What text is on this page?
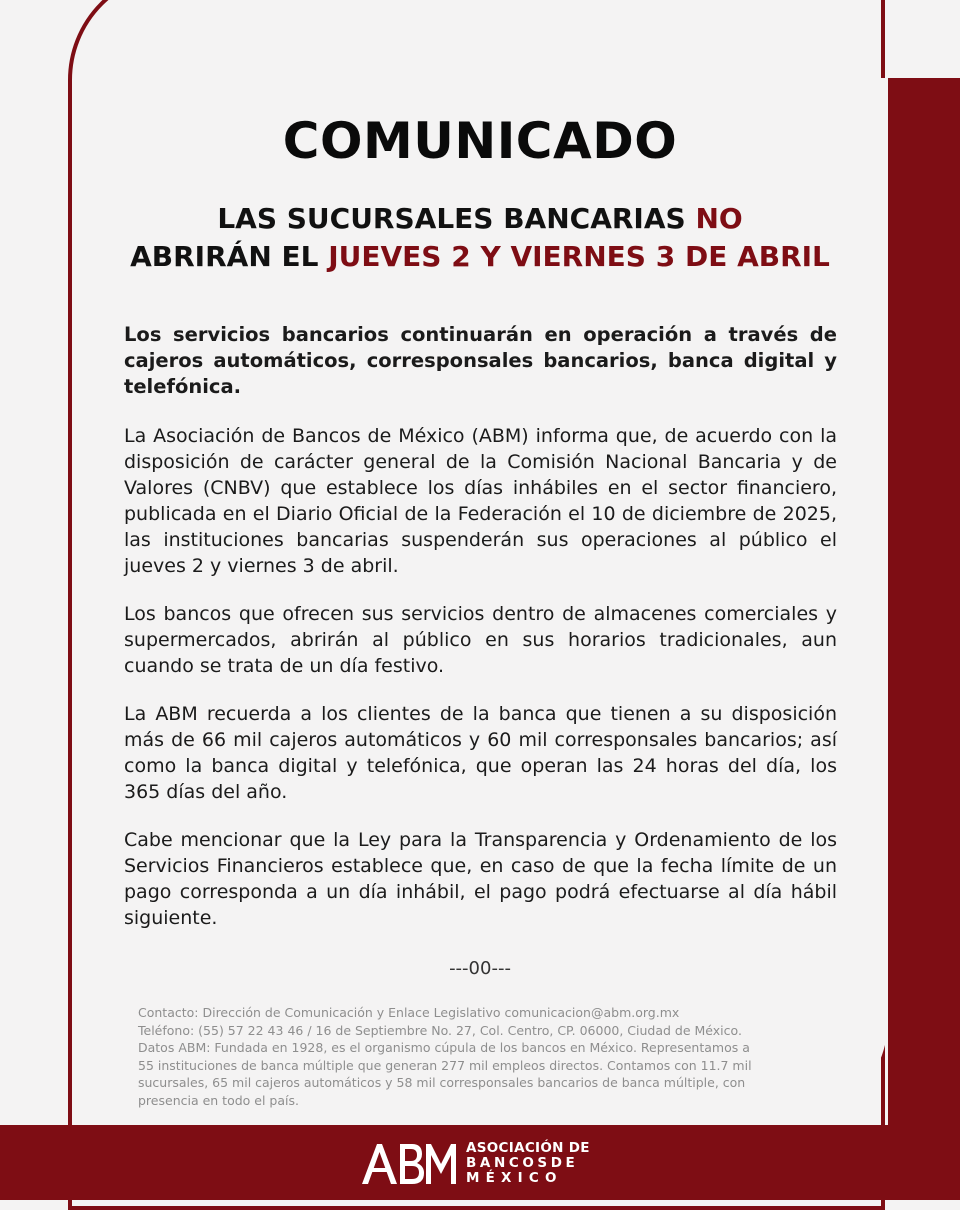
COMUNICADO
LAS SUCURSALES BANCARIAS NO
ABRIRÁN EL JUEVES 2 Y VIERNES 3 DE ABRIL

Los servicios bancarios continuarán en operación a través de cajeros automáticos, corresponsales bancarios, banca digital y telefónica.

La Asociación de Bancos de México (ABM) informa que, de acuerdo con la disposición de carácter general de la Comisión Nacional Bancaria y de Valores (CNBV) que establece los días inhábiles en el sector financiero, publicada en el Diario Oficial de la Federación el 10 de diciembre de 2025, las instituciones bancarias suspenderán sus operaciones al público el jueves 2 y viernes 3 de abril.

Los bancos que ofrecen sus servicios dentro de almacenes comerciales y supermercados, abrirán al público en sus horarios tradicionales, aun cuando se trata de un día festivo.

La ABM recuerda a los clientes de la banca que tienen a su disposición más de 66 mil cajeros automáticos y 60 mil corresponsales bancarios; así como la banca digital y telefónica, que operan las 24 horas del día, los 365 días del año.

Cabe mencionar que la Ley para la Transparencia y Ordenamiento de los Servicios Financieros establece que, en caso de que la fecha límite de un pago corresponda a un día inhábil, el pago podrá efectuarse al día hábil siguiente.

---00---
Contacto: Dirección de Comunicación y Enlace Legislativo comunicacion@abm.org.mx
Teléfono: (55) 57 22 43 46 / 16 de Septiembre No. 27, Col. Centro, CP. 06000, Ciudad de México.
Datos ABM: Fundada en 1928, es el organismo cúpula de los bancos en México. Representamos a
55 instituciones de banca múltiple que generan 277 mil empleos directos. Contamos con 11.7 mil
sucursales, 65 mil cajeros automáticos y 58 mil corresponsales bancarios de banca múltiple, con
presencia en todo el país.
ASOCIACIÓN DE
BANCOSDE
MÉXICO
